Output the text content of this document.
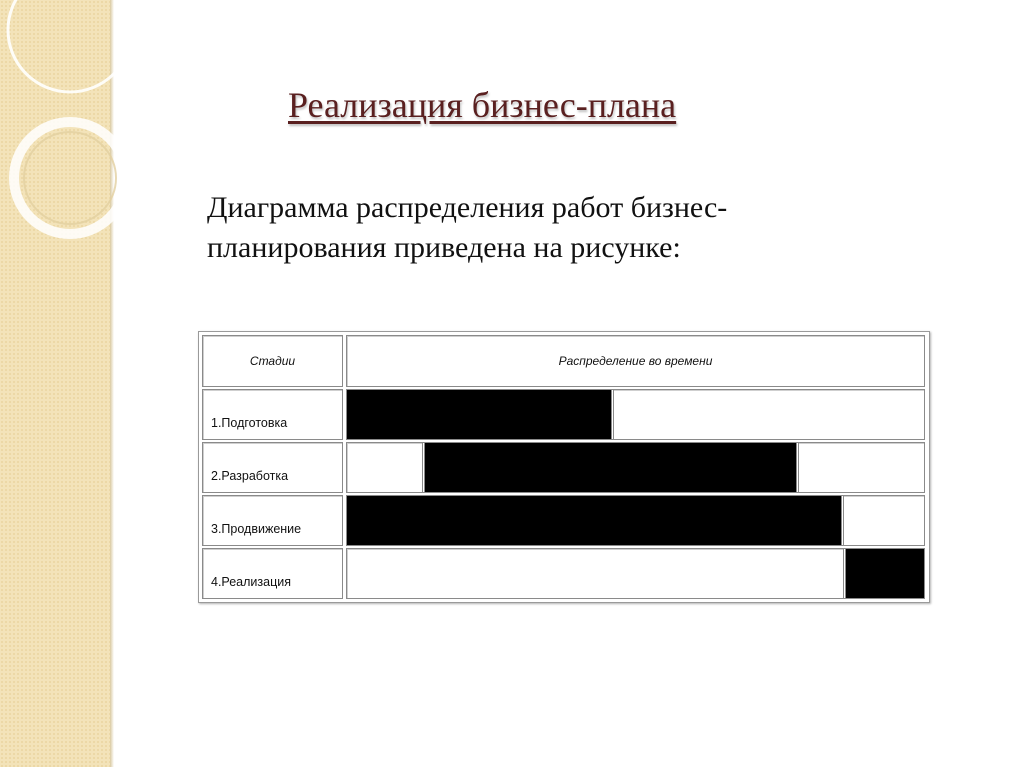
Реализация бизнес-плана

Диаграмма распределения работ бизнес-
планирования приведена на рисунке:

Стадии	Распределение во времени
1.Подготовка
2.Разработка
3.Продвижение
4.Реализация
